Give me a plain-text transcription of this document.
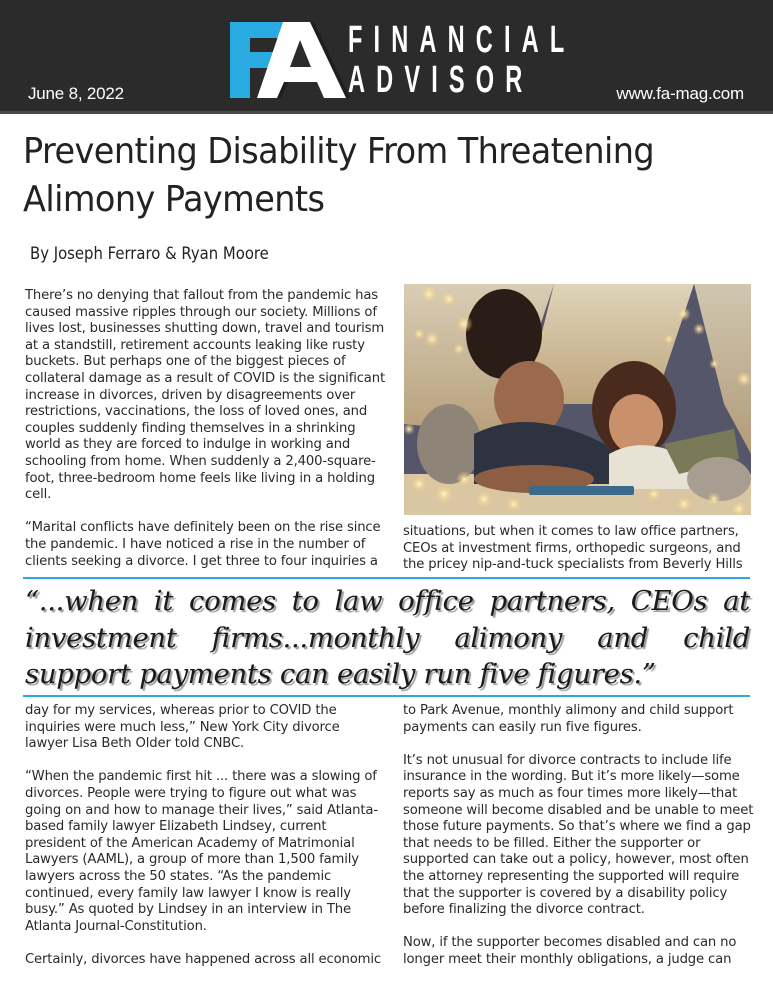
June 8, 2022
FINANCIAL
ADVISOR	www.fa-mag.com
Preventing Disability From Threatening Alimony Payments
By Joseph Ferraro & Ryan Moore

There’s no denying that fallout from the pandemic has caused massive ripples through our society. Millions of lives lost, businesses shutting down, travel and tourism at a standstill, retirement accounts leaking like rusty buckets. But perhaps one of the biggest pieces of collateral damage as a result of COVID is the significant increase in divorces, driven by disagreements over restrictions, vaccinations, the loss of loved ones, and couples suddenly finding themselves in a shrinking world as they are forced to indulge in working and schooling from home. When suddenly a 2,400-square-foot, three-bedroom home feels like living in a holding cell.

“Marital conflicts have definitely been on the rise since the pandemic. I have noticed a rise in the number of clients seeking a divorce. I get three to four inquiries a

situations, but when it comes to law office partners, CEOs at investment firms, orthopedic surgeons, and the pricey nip-and-tuck specialists from Beverly Hills

“...when it comes to law office partners, CEOs at investment firms...monthly alimony and child support payments can easily run five figures.”

day for my services, whereas prior to COVID the inquiries were much less,” New York City divorce lawyer Lisa Beth Older told CNBC.

“When the pandemic first hit ... there was a slowing of divorces. People were trying to figure out what was going on and how to manage their lives,” said Atlanta-based family lawyer Elizabeth Lindsey, current president of the American Academy of Matrimonial Lawyers (AAML), a group of more than 1,500 family lawyers across the 50 states. “As the pandemic continued, every family law lawyer I know is really busy.” As quoted by Lindsey in an interview in The Atlanta Journal-Constitution.

Certainly, divorces have happened across all economic

to Park Avenue, monthly alimony and child support payments can easily run five figures.

It’s not unusual for divorce contracts to include life insurance in the wording. But it’s more likely—some reports say as much as four times more likely—that someone will become disabled and be unable to meet those future payments. So that’s where we find a gap that needs to be filled. Either the supporter or supported can take out a policy, however, most often the attorney representing the supported will require that the supporter is covered by a disability policy before finalizing the divorce contract.

Now, if the supporter becomes disabled and can no longer meet their monthly obligations, a judge can
